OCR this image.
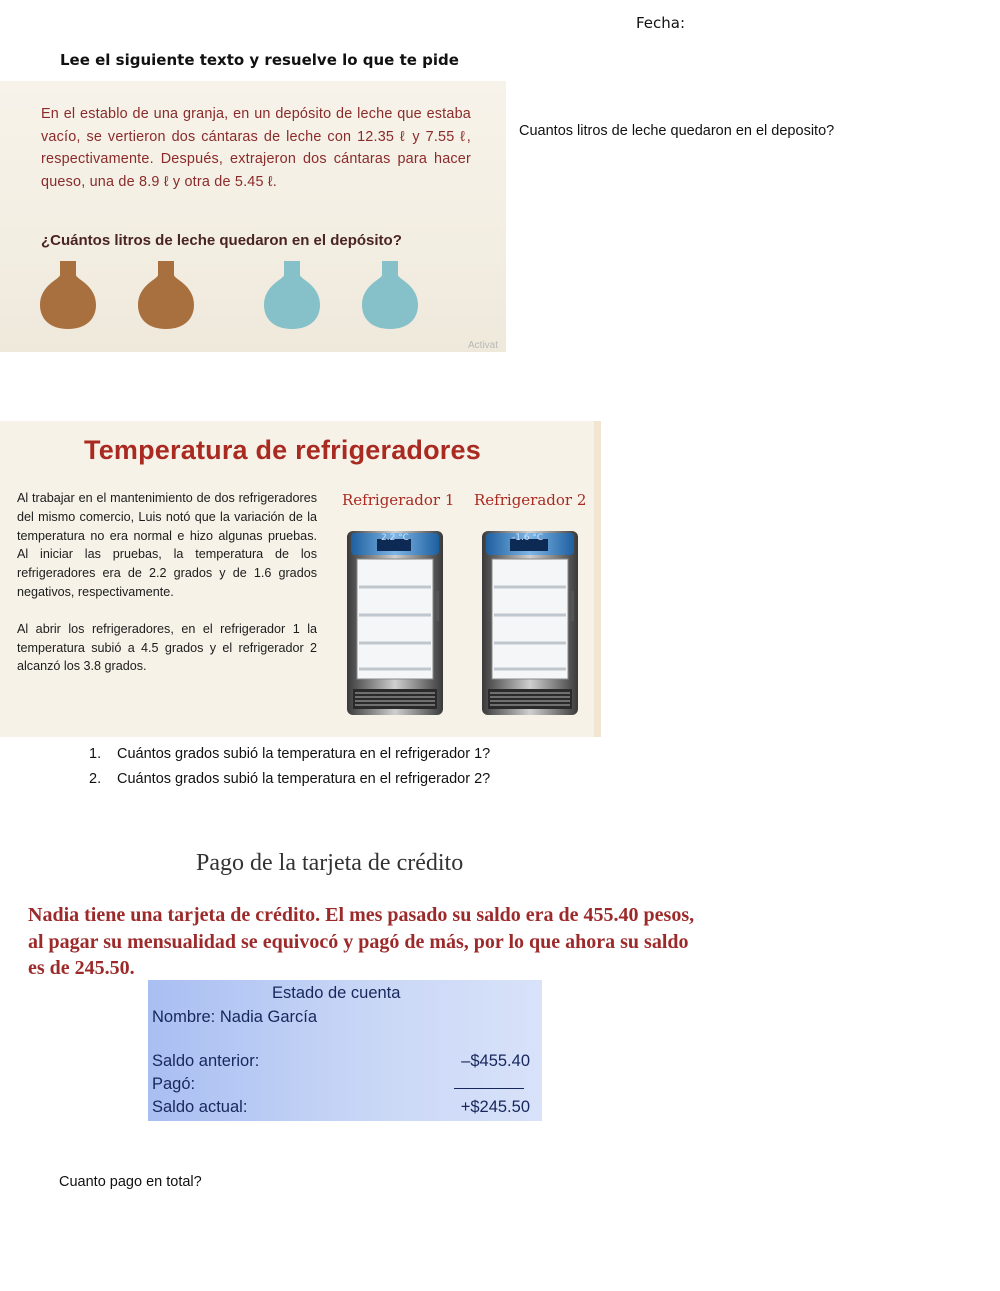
Fecha:
Lee el siguiente texto y resuelve lo que te pide
En el establo de una granja, en un depósito de leche que estaba vacío, se vertieron dos cántaras de leche con 12.35 ℓ y 7.55 ℓ, respectivamente. Después, extrajeron dos cántaras para hacer queso, una de 8.9 ℓ y otra de 5.45 ℓ.
¿Cuántos litros de leche quedaron en el depósito?
Activat
Cuantos litros de leche quedaron en el deposito?
Temperatura de refrigeradores
Al trabajar en el mantenimiento de dos refrigeradores del mismo comercio, Luis notó que la variación de la temperatura no era normal e hizo algunas pruebas. Al iniciar las pruebas, la temperatura de los refrigeradores era de 2.2 grados y de 1.6 grados negativos, respectivamente.
Al abrir los refrigeradores, en el refrigerador 1 la temperatura subió a 4.5 grados y el refrigerador 2 alcanzó los 3.8 grados.
Refrigerador 1 Refrigerador 2
2.2 °C	-1.6 °C
1. Cuántos grados subió la temperatura en el refrigerador 1?
2. Cuántos grados subió la temperatura en el refrigerador 2?
Pago de la tarjeta de crédito
Nadia tiene una tarjeta de crédito. El mes pasado su saldo era de 455.40 pesos, al pagar su mensualidad se equivocó y pagó de más, por lo que ahora su saldo es de 245.50.
Estado de cuenta
Nombre: Nadia García
Saldo anterior:	–$455.40
Pagó:
Saldo actual:	+$245.50
Cuanto pago en total?
